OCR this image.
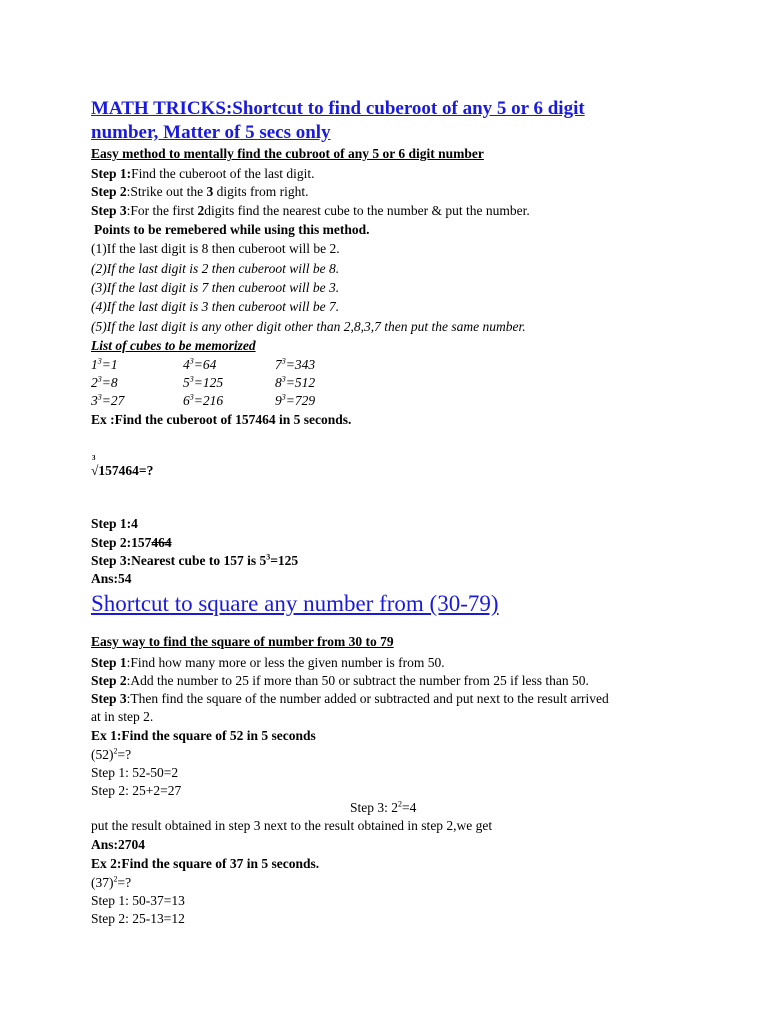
MATH TRICKS:Shortcut to find cuberoot of any 5 or 6 digit
number, Matter of 5 secs only
Easy method to mentally find the cubroot of any 5 or 6 digit number
Step 1:Find the cuberoot of the last digit.
Step 2:Strike out the 3 digits from right.
Step 3:For the first 2digits find the nearest cube to the number & put the number.
Points to be remebered while using this method.
(1)If the last digit is 8 then cuberoot will be 2.
(2)If the last digit is 2 then cuberoot will be 8.
(3)If the last digit is 7 then cuberoot will be 3.
(4)If the last digit is 3 then cuberoot will be 7.
(5)If the last digit is any other digit other than 2,8,3,7 then put the same number.
List of cubes to be memorized
$1^3=1$	$4^3=64$	$7^3=343$
$2^3=8$	$5^3=125$	$8^3=512$
$3^3=27$	$6^3=216$	$9^3=729$
Ex :Find the cuberoot of 157464 in 5 seconds.
3
√157464=?
Step 1:4
Step 2:157464
Step 3:Nearest cube to 157 is $5^3=125$
Ans:54
Shortcut to square any number from (30-79)
Easy way to find the square of number from 30 to 79
Step 1:Find how many more or less the given number is from 50.
Step 2:Add the number to 25 if more than 50 or subtract the number from 25 if less than 50.
Step 3:Then find the square of the number added or subtracted and put next to the result arrived
at in step 2.
Ex 1:Find the square of 52 in 5 seconds
$(52)^2=$?
Step 1: 52-50=2
Step 2: 25+2=27
Step 3: $2^2=4$
put the result obtained in step 3 next to the result obtained in step 2,we get
Ans:2704
Ex 2:Find the square of 37 in 5 seconds.
$(37)^2=$?
Step 1: 50-37=13
Step 2: 25-13=12
